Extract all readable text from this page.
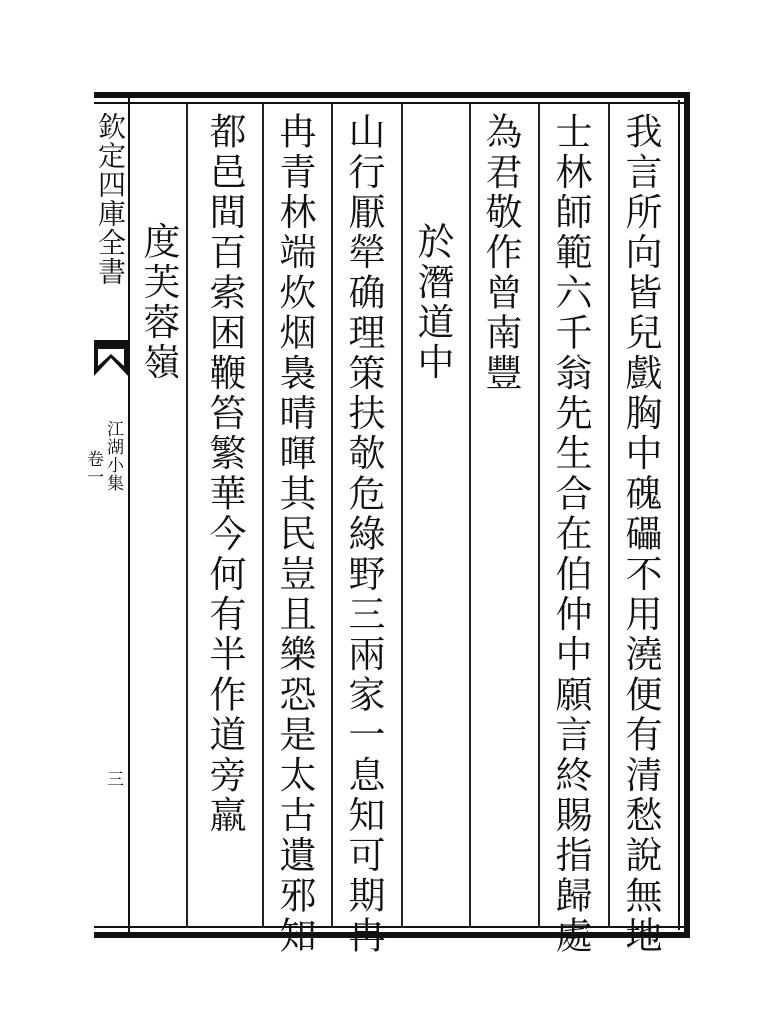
欽定四庫全書
江湖小集
卷一
三	我言所向皆兒戲胸中磈礧不用澆便有清愁說無地
士林師範六千翁先生合在伯仲中願言終賜指歸處
為君敬作曾南豐
於潛道中
山行厭犖确理策扶欹危綠野三兩家一息知可期冉
冉青林端炊烟裊晴暉其民豈且樂恐是太古遺邪知
都邑間百索困鞭笞繁華今何有半作道旁羸
度芙蓉嶺
